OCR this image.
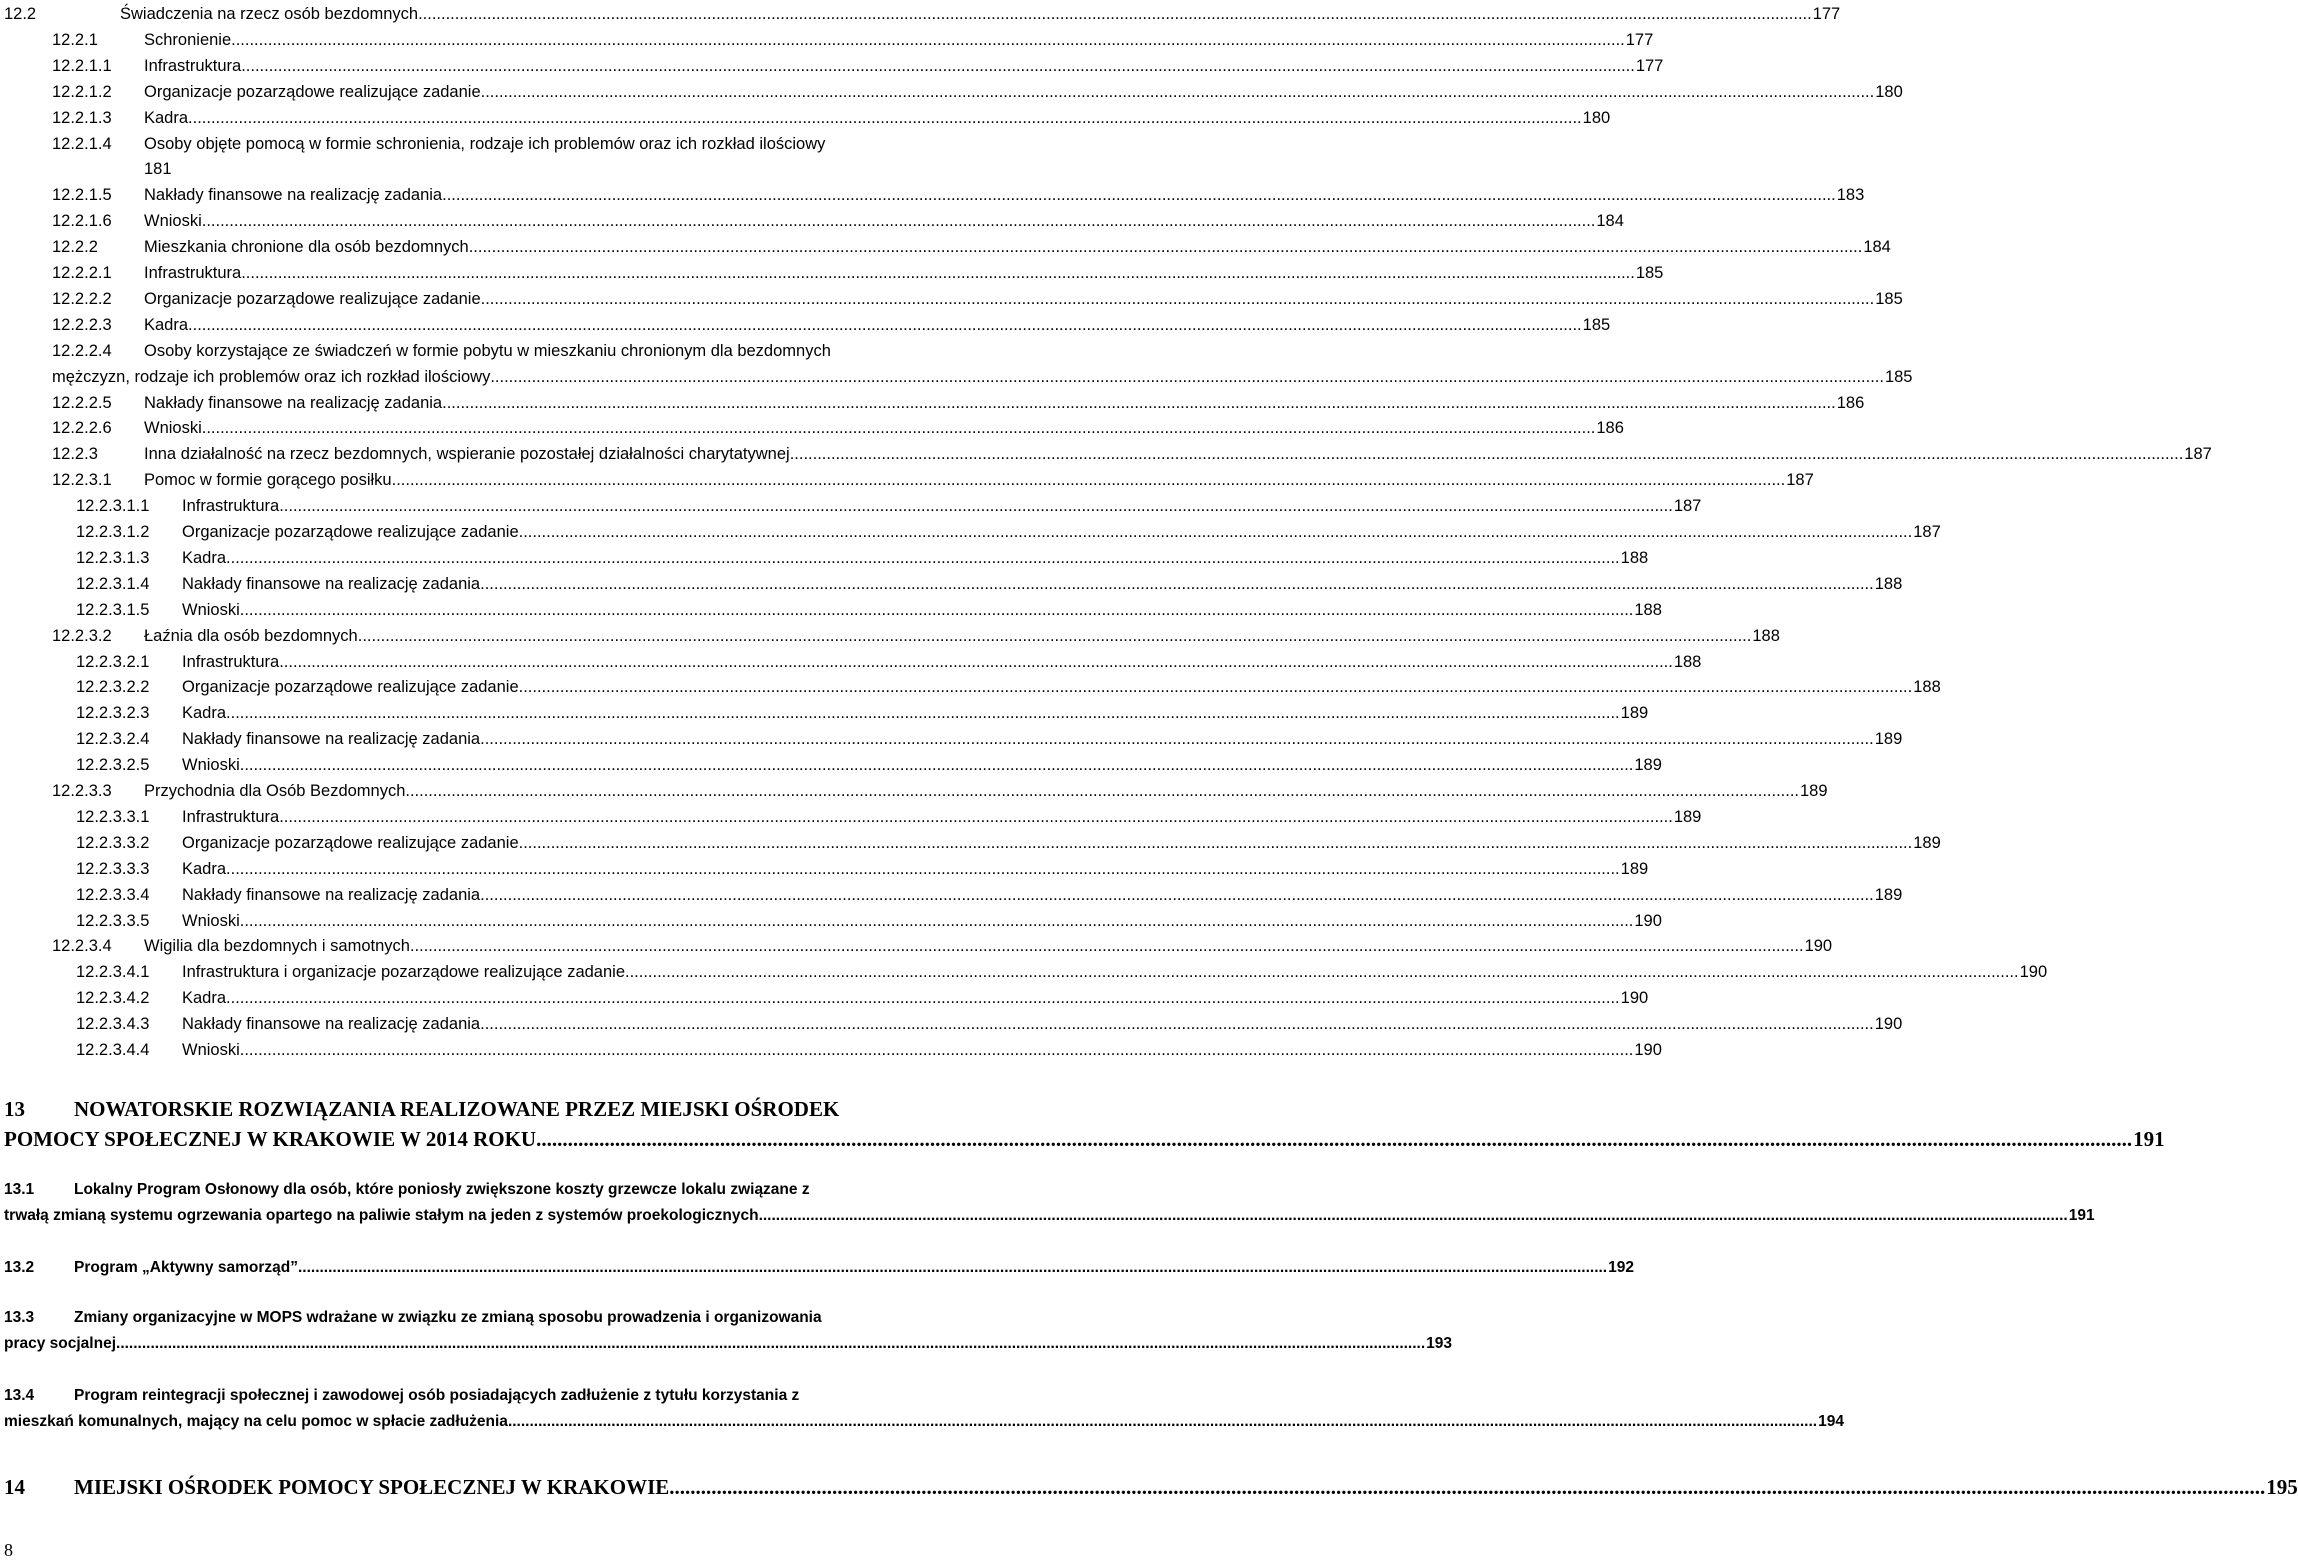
12.2	Świadczenia na rzecz osób bezdomnych .....	177
12.2.1	Schronienie .....	177
12.2.1.1	Infrastruktura .....	177
12.2.1.2	Organizacje pozarządowe realizujące zadanie .....	180
12.2.1.3	Kadra .....	180
12.2.1.4	Osoby objęte pomocą w formie schronienia, rodzaje ich problemów oraz ich rozkład ilościowy
181
12.2.1.5	Nakłady finansowe na realizację zadania .....	183
12.2.1.6	Wnioski .....	184
12.2.2	Mieszkania chronione dla osób bezdomnych .....	184
12.2.2.1	Infrastruktura .....	185
12.2.2.2	Organizacje pozarządowe realizujące zadanie .....	185
12.2.2.3	Kadra .....	185
12.2.2.4	Osoby korzystające ze świadczeń w formie pobytu w mieszkaniu chronionym dla bezdomnych
mężczyzn, rodzaje ich problemów oraz ich rozkład ilościowy .....	185
12.2.2.5	Nakłady finansowe na realizację zadania .....	186
12.2.2.6	Wnioski .....	186
12.2.3	Inna działalność na rzecz bezdomnych, wspieranie pozostałej działalności charytatywnej .....	187
12.2.3.1	Pomoc w formie gorącego posiłku .....	187
12.2.3.1.1	Infrastruktura .....	187
12.2.3.1.2	Organizacje pozarządowe realizujące zadanie .....	187
12.2.3.1.3	Kadra .....	188
12.2.3.1.4	Nakłady finansowe na realizację zadania .....	188
12.2.3.1.5	Wnioski .....	188
12.2.3.2	Łaźnia dla osób bezdomnych .....	188
12.2.3.2.1	Infrastruktura .....	188
12.2.3.2.2	Organizacje pozarządowe realizujące zadanie .....	188
12.2.3.2.3	Kadra .....	189
12.2.3.2.4	Nakłady finansowe na realizację zadania .....	189
12.2.3.2.5	Wnioski .....	189
12.2.3.3	Przychodnia dla Osób Bezdomnych .....	189
12.2.3.3.1	Infrastruktura .....	189
12.2.3.3.2	Organizacje pozarządowe realizujące zadanie .....	189
12.2.3.3.3	Kadra .....	189
12.2.3.3.4	Nakłady finansowe na realizację zadania .....	189
12.2.3.3.5	Wnioski .....	190
12.2.3.4	Wigilia dla bezdomnych i samotnych .....	190
12.2.3.4.1	Infrastruktura i organizacje pozarządowe realizujące zadanie .....	190
12.2.3.4.2	Kadra .....	190
12.2.3.4.3	Nakłady finansowe na realizację zadania .....	190
12.2.3.4.4	Wnioski .....	190
13 NOWATORSKIE ROZWIĄZANIA REALIZOWANE PRZEZ MIEJSKI OŚRODEK
POMOCY SPOŁECZNEJ W KRAKOWIE W 2014 ROKU .....	191
13.1	Lokalny Program Osłonowy dla osób, które poniosły zwiększone koszty grzewcze lokalu związane z
trwałą zmianą systemu ogrzewania opartego na paliwie stałym na jeden z systemów proekologicznych .....	191
13.2	Program „Aktywny samorząd” .....	192
13.3	Zmiany organizacyjne w MOPS wdrażane w związku ze zmianą sposobu prowadzenia i organizowania
pracy socjalnej .....	193
13.4	Program reintegracji społecznej i zawodowej osób posiadających zadłużenie z tytułu korzystania z
mieszkań komunalnych, mający na celu pomoc w spłacie zadłużenia .....	194
14	MIEJSKI OŚRODEK POMOCY SPOŁECZNEJ W KRAKOWIE .....	195
8
